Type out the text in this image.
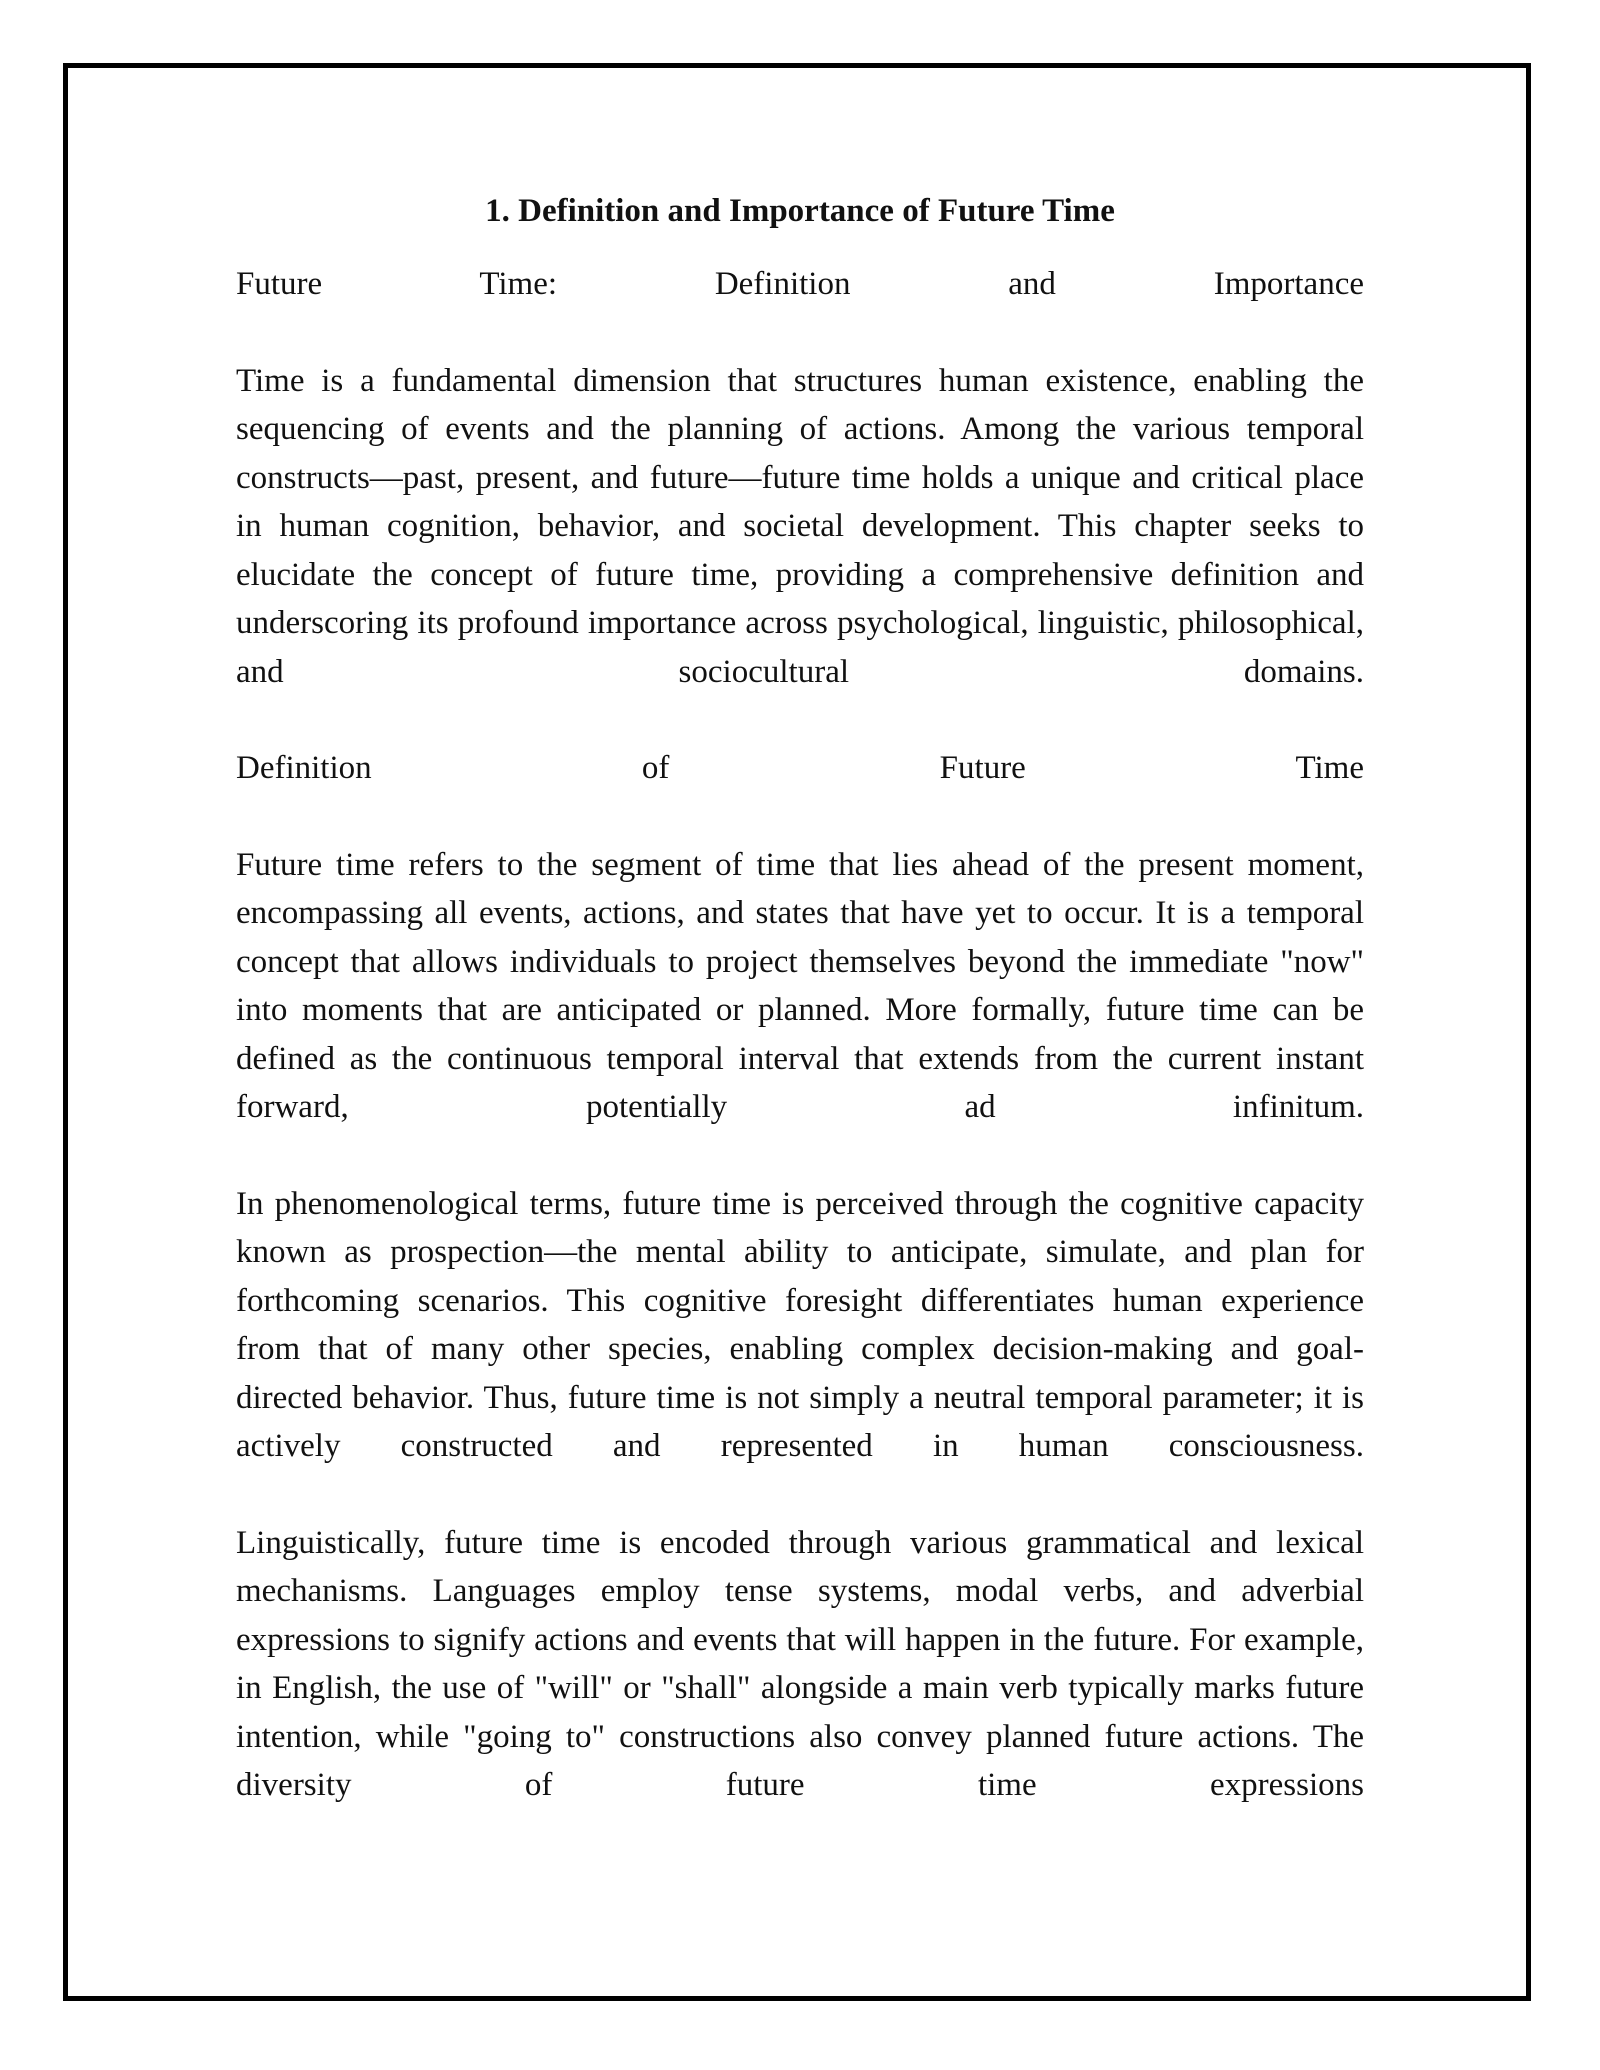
1. Definition and Importance of Future Time

Future Time: Definition and Importance

Time is a fundamental dimension that structures human existence, enabling the sequencing of events and the planning of actions. Among the various temporal constructs—past, present, and future—future time holds a unique and critical place in human cognition, behavior, and societal development. This chapter seeks to elucidate the concept of future time, providing a comprehensive definition and underscoring its profound importance across psychological, linguistic, philosophical, and sociocultural domains.

Definition of Future Time

Future time refers to the segment of time that lies ahead of the present moment, encompassing all events, actions, and states that have yet to occur. It is a temporal concept that allows individuals to project themselves beyond the immediate "now" into moments that are anticipated or planned. More formally, future time can be defined as the continuous temporal interval that extends from the current instant forward, potentially ad infinitum.

In phenomenological terms, future time is perceived through the cognitive capacity known as prospection—the mental ability to anticipate, simulate, and plan for forthcoming scenarios. This cognitive foresight differentiates human experience from that of many other species, enabling complex decision-making and goal-directed behavior. Thus, future time is not simply a neutral temporal parameter; it is actively constructed and represented in human consciousness.

Linguistically, future time is encoded through various grammatical and lexical mechanisms. Languages employ tense systems, modal verbs, and adverbial expressions to signify actions and events that will happen in the future. For example, in English, the use of "will" or "shall" alongside a main verb typically marks future intention, while "going to" constructions also convey planned future actions. The diversity of future time expressions
